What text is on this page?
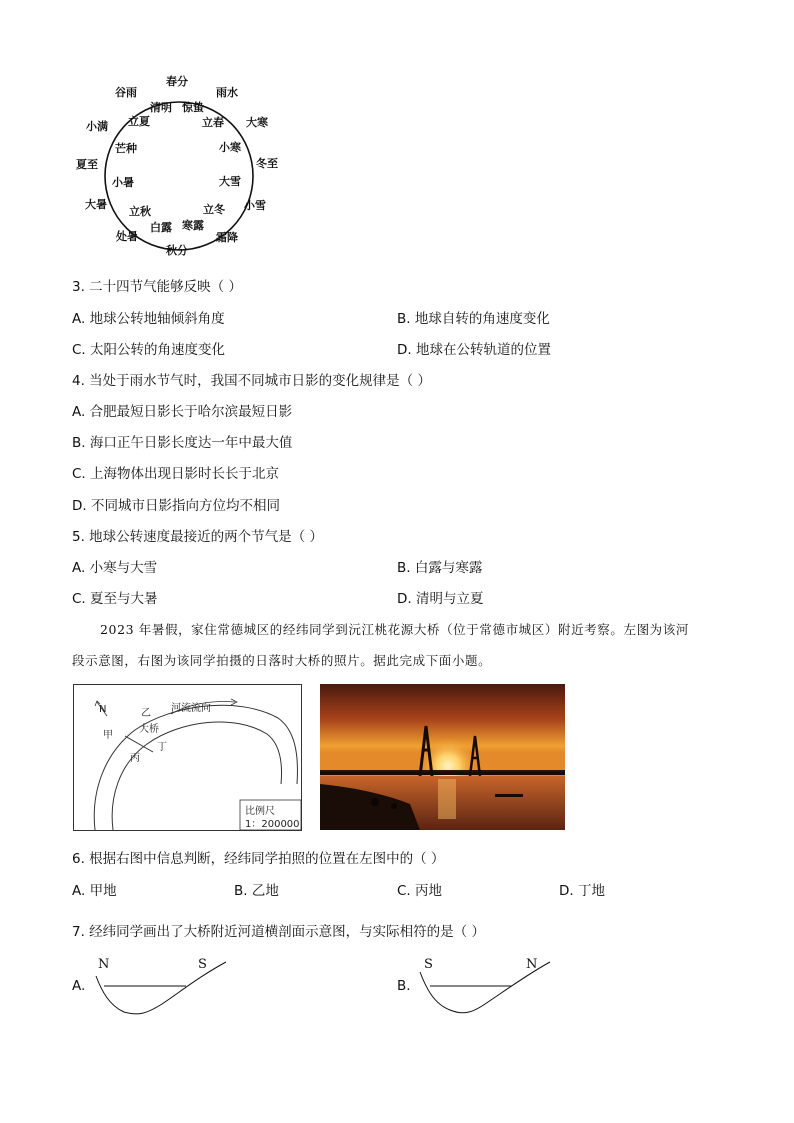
春分
雨水
大寒
冬至
小雪
霜降
秋分
处暑
大暑
夏至
小满
谷雨
清明 惊蛰
立春
小寒
大雪
立冬
寒露
白露
立秋
小暑
芒种
立夏
3. 二十四节气能够反映（ ）
A. 地球公转地轴倾斜角度	B. 地球自转的角速度变化
C. 太阳公转的角速度变化	D. 地球在公转轨道的位置
4. 当处于雨水节气时，我国不同城市日影的变化规律是（ ）
A. 合肥最短日影长于哈尔滨最短日影
B. 海口正午日影长度达一年中最大值
C. 上海物体出现日影时长长于北京
D. 不同城市日影指向方位均不相同
5. 地球公转速度最接近的两个节气是（ ）
A. 小寒与大雪	B. 白露与寒露
C. 夏至与大暑	D. 清明与立夏
2023 年暑假，家住常德城区的经纬同学到沅江桃花源大桥（位于常德市城区）附近考察。左图为该河
段示意图，右图为该同学拍摄的日落时大桥的照片。据此完成下面小题。
N	河流流向
甲
乙
大桥
丁
丙
比例尺
1：200000
6. 根据右图中信息判断，经纬同学拍照的位置在左图中的（ ）
A. 甲地	B. 乙地	C. 丙地	D. 丁地
7. 经纬同学画出了大桥附近河道横剖面示意图，与实际相符的是（ ）
A.
N	S
B.
S	N
